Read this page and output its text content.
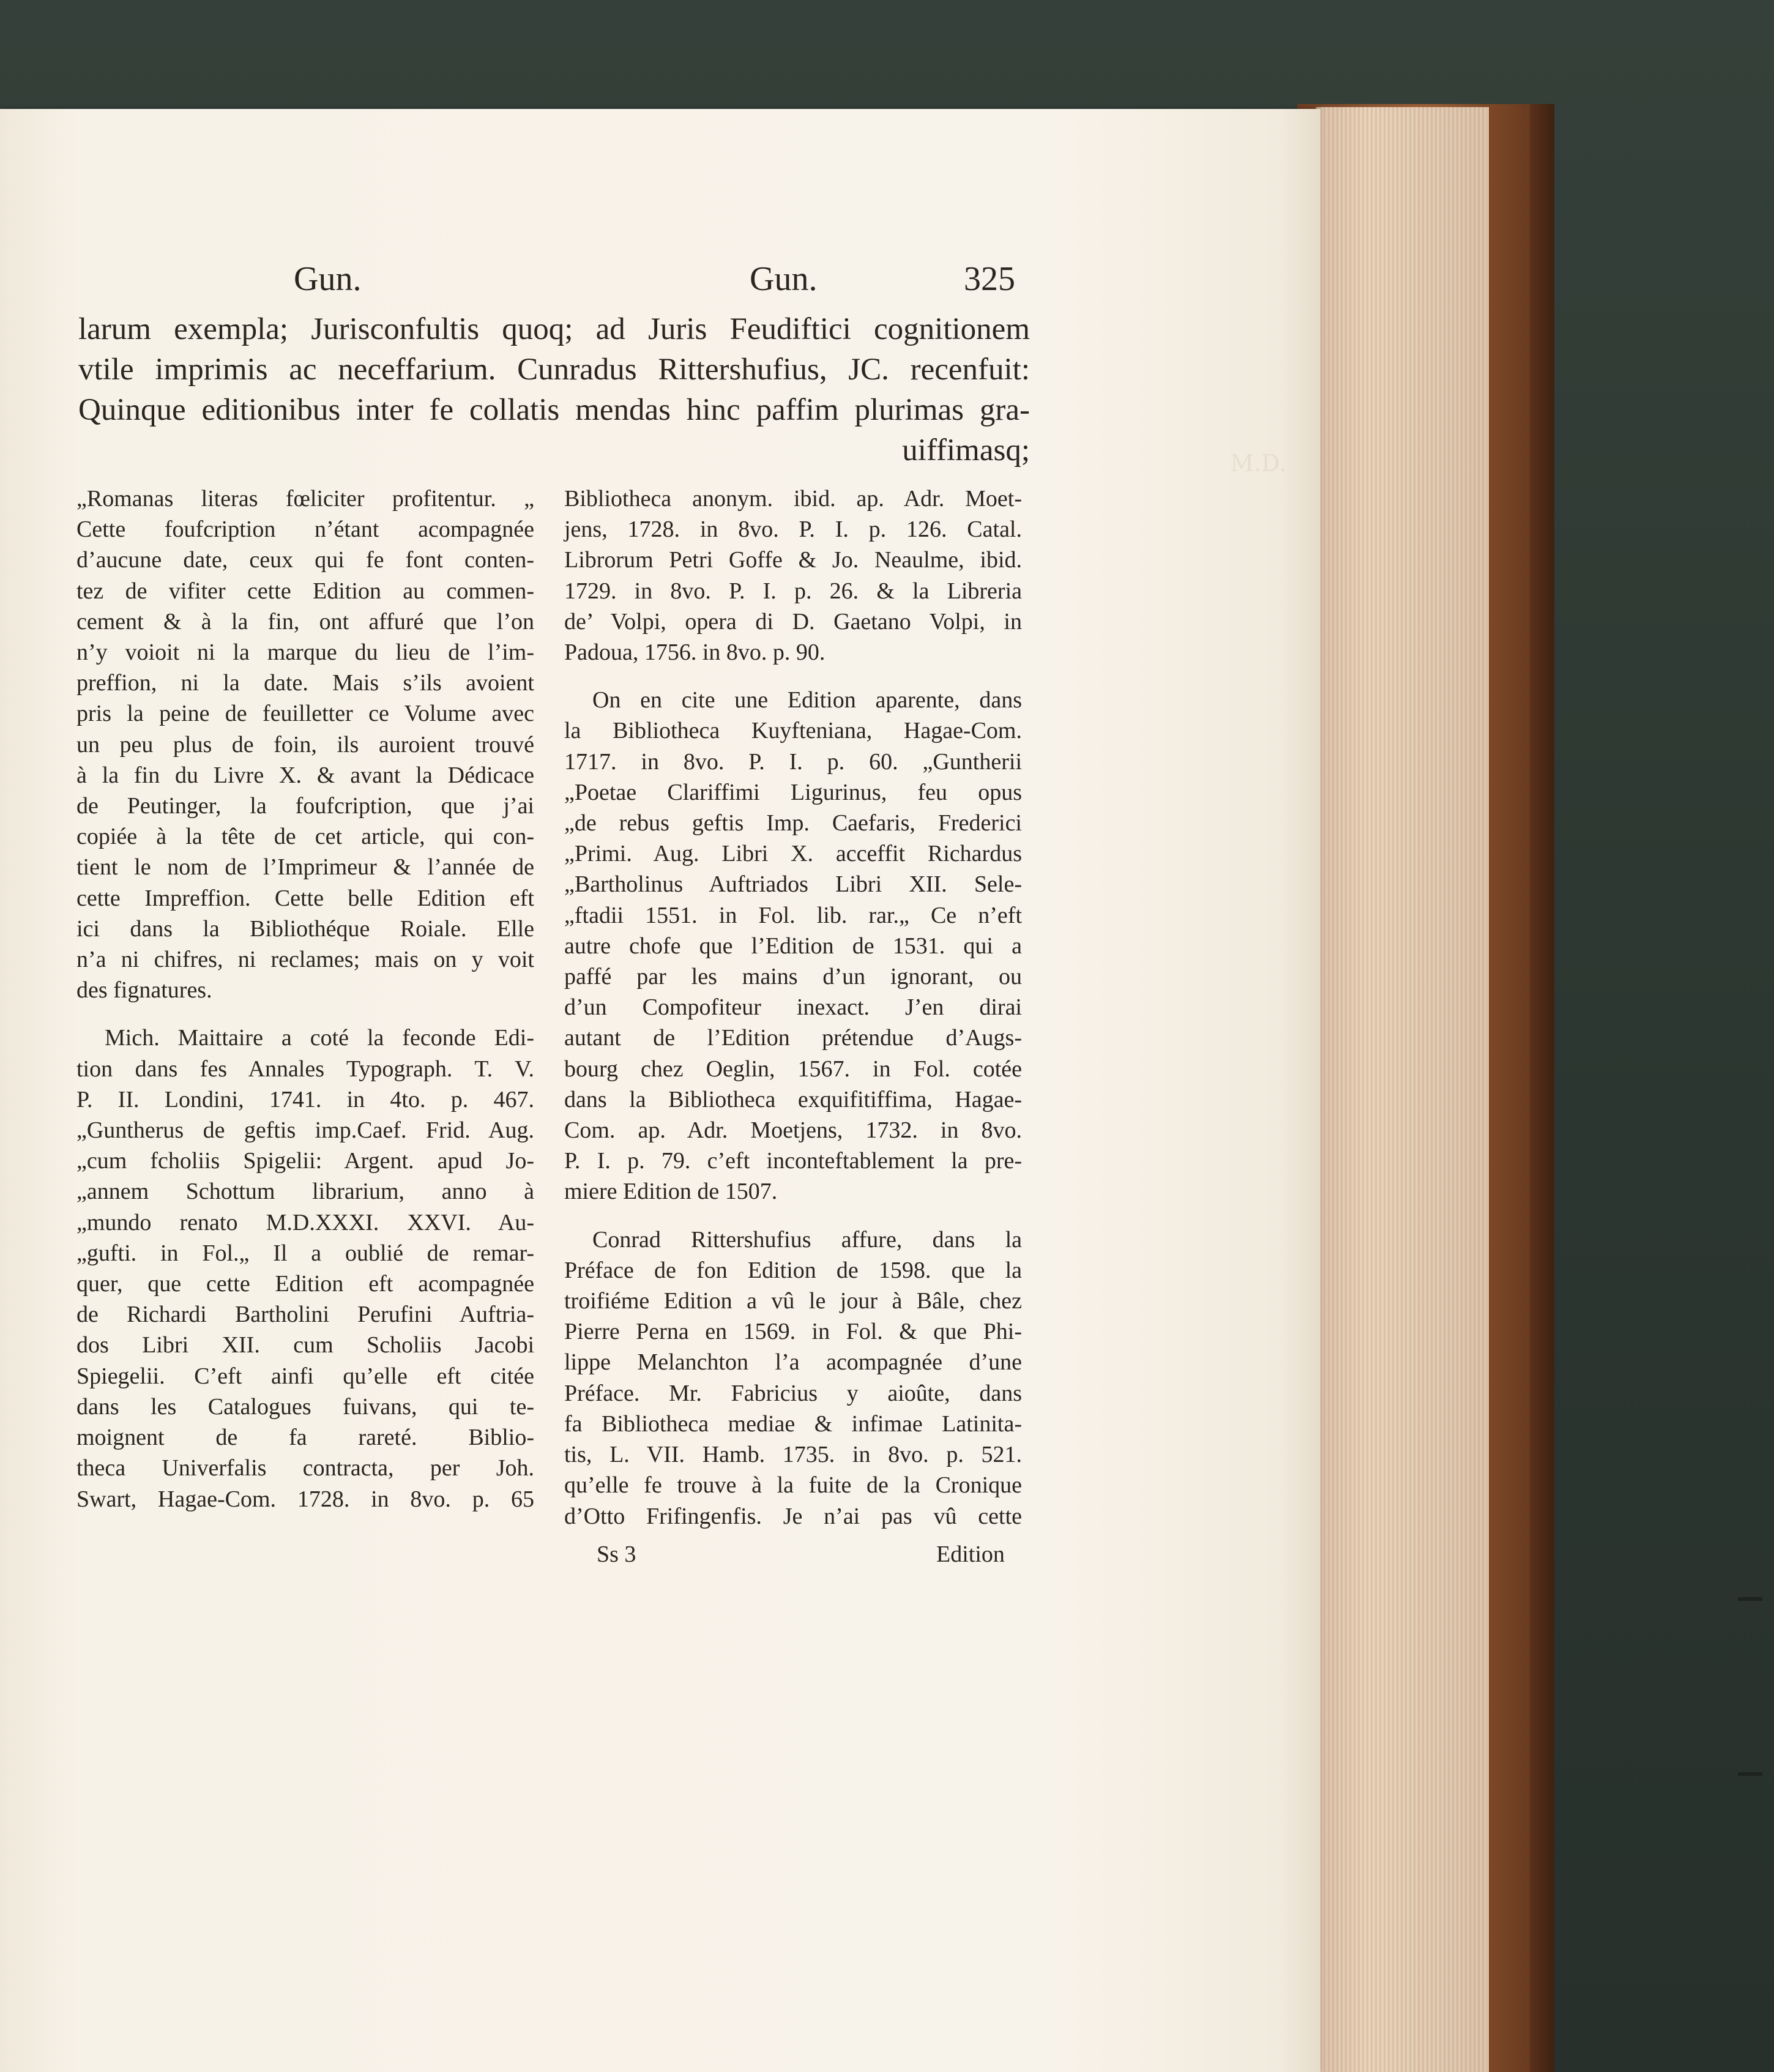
M.D.
Gun.	Gun.	325
larum exempla; Jurisconfultis quoq; ad Juris Feudiftici cognitionem
vtile imprimis ac neceffarium. Cunradus Rittershufius, JC. recenfuit:
Quinque editionibus inter fe collatis mendas hinc paffim plurimas gra-
uiffimasq;
„Romanas literas fœliciter profitentur. „
Cette foufcription n’étant acompagnée
d’aucune date, ceux qui fe font conten-
tez de vifiter cette Edition au commen-
cement & à la fin, ont affuré que l’on
n’y voioit ni la marque du lieu de l’im-
preffion, ni la date. Mais s’ils avoient
pris la peine de feuilletter ce Volume avec
un peu plus de foin, ils auroient trouvé
à la fin du Livre X. & avant la Dédicace
de Peutinger, la foufcription, que j’ai
copiée à la tête de cet article, qui con-
tient le nom de l’Imprimeur & l’année de
cette Impreffion. Cette belle Edition eft
ici dans la Bibliothéque Roiale. Elle
n’a ni chifres, ni reclames; mais on y voit
des fignatures.
Mich. Maittaire a coté la feconde Edi-
tion dans fes Annales Typograph. T. V.
P. II. Londini, 1741. in 4to. p. 467.
„Guntherus de geftis imp.Caef. Frid. Aug.
„cum fcholiis Spigelii: Argent. apud Jo-
„annem Schottum librarium, anno à
„mundo renato M.D.XXXI. XXVI. Au-
„gufti. in Fol.„ Il a oublié de remar-
quer, que cette Edition eft acompagnée
de Richardi Bartholini Perufini Auftria-
dos Libri XII. cum Scholiis Jacobi
Spiegelii. C’eft ainfi qu’elle eft citée
dans les Catalogues fuivans, qui te-
moignent de fa rareté. Biblio-
theca Univerfalis contracta, per Joh.
Swart, Hagae-Com. 1728. in 8vo. p. 65
Bibliotheca anonym. ibid. ap. Adr. Moet-
jens, 1728. in 8vo. P. I. p. 126. Catal.
Librorum Petri Goffe & Jo. Neaulme, ibid.
1729. in 8vo. P. I. p. 26. & la Libreria
de’ Volpi, opera di D. Gaetano Volpi, in
Padoua, 1756. in 8vo. p. 90.
On en cite une Edition aparente, dans
la Bibliotheca Kuyfteniana, Hagae-Com.
1717. in 8vo. P. I. p. 60. „Guntherii
„Poetae Clariffimi Ligurinus, feu opus
„de rebus geftis Imp. Caefaris, Frederici
„Primi. Aug. Libri X. acceffit Richardus
„Bartholinus Auftriados Libri XII. Sele-
„ftadii 1551. in Fol. lib. rar.„ Ce n’eft
autre chofe que l’Edition de 1531. qui a
paffé par les mains d’un ignorant, ou
d’un Compofiteur inexact. J’en dirai
autant de l’Edition prétendue d’Augs-
bourg chez Oeglin, 1567. in Fol. cotée
dans la Bibliotheca exquifitiffima, Hagae-
Com. ap. Adr. Moetjens, 1732. in 8vo.
P. I. p. 79. c’eft inconteftablement la pre-
miere Edition de 1507.
Conrad Rittershufius affure, dans la
Préface de fon Edition de 1598. que la
troifiéme Edition a vû le jour à Bâle, chez
Pierre Perna en 1569. in Fol. & que Phi-
lippe Melanchton l’a acompagnée d’une
Préface. Mr. Fabricius y aioûte, dans
fa Bibliotheca mediae & infimae Latinita-
tis, L. VII. Hamb. 1735. in 8vo. p. 521.
qu’elle fe trouve à la fuite de la Cronique
d’Otto Frifingenfis. Je n’ai pas vû cette
Ss 3	Edition
